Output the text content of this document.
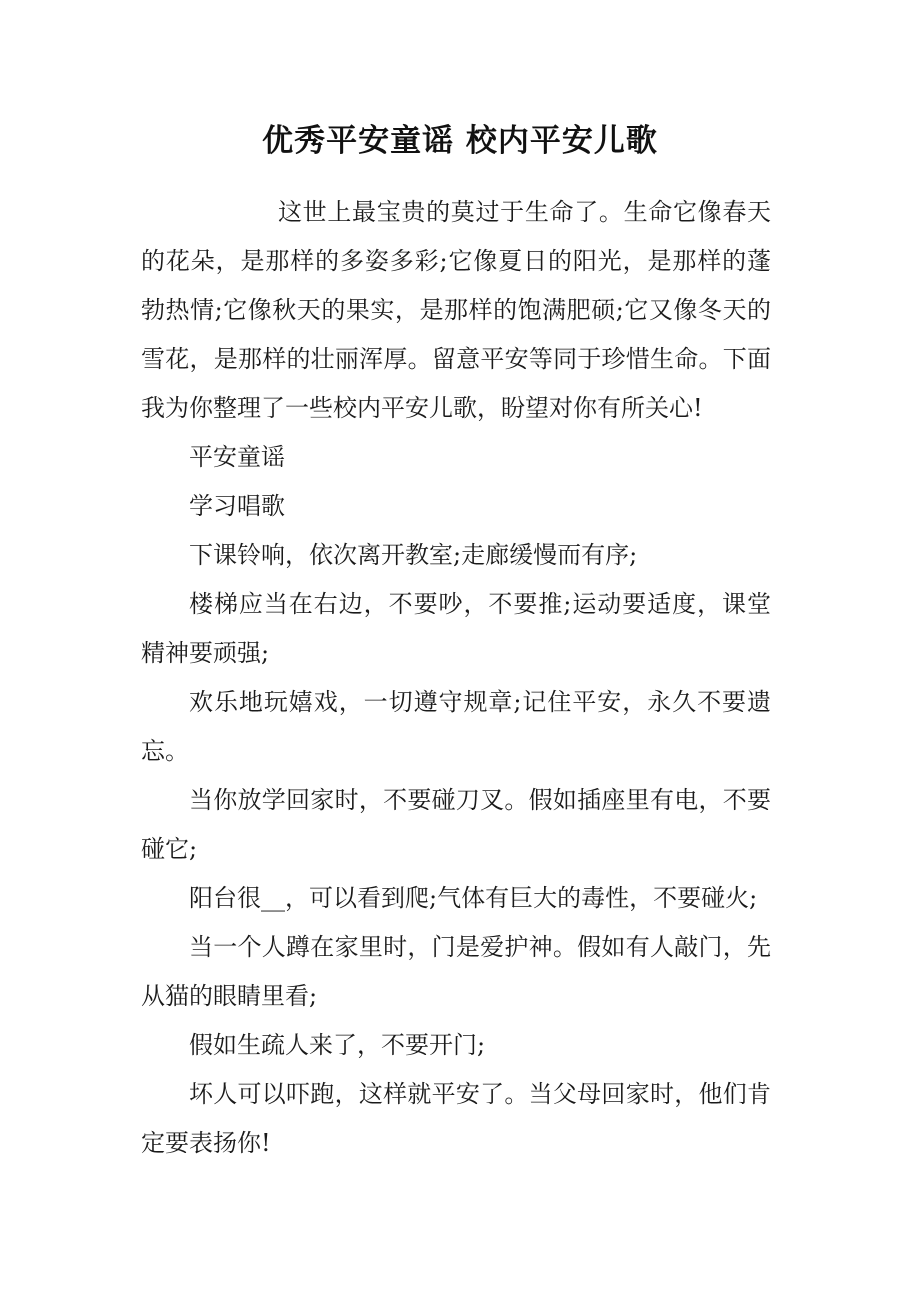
优秀平安童谣 校内平安儿歌

这世上最宝贵的莫过于生命了。生命它像春天的花朵，是那样的多姿多彩;它像夏日的阳光，是那样的蓬勃热情;它像秋天的果实，是那样的饱满肥硕;它又像冬天的雪花，是那样的壮丽浑厚。留意平安等同于珍惜生命。下面我为你整理了一些校内平安儿歌，盼望对你有所关心!

平安童谣

学习唱歌

下课铃响，依次离开教室;走廊缓慢而有序;

楼梯应当在右边，不要吵，不要推;运动要适度，课堂精神要顽强;

欢乐地玩嬉戏，一切遵守规章;记住平安，永久不要遗忘。

当你放学回家时，不要碰刀叉。假如插座里有电，不要碰它;

阳台很__，可以看到爬;气体有巨大的毒性，不要碰火;

当一个人蹲在家里时，门是爱护神。假如有人敲门，先从猫的眼睛里看;

假如生疏人来了，不要开门;

坏人可以吓跑，这样就平安了。当父母回家时，他们肯定要表扬你!
